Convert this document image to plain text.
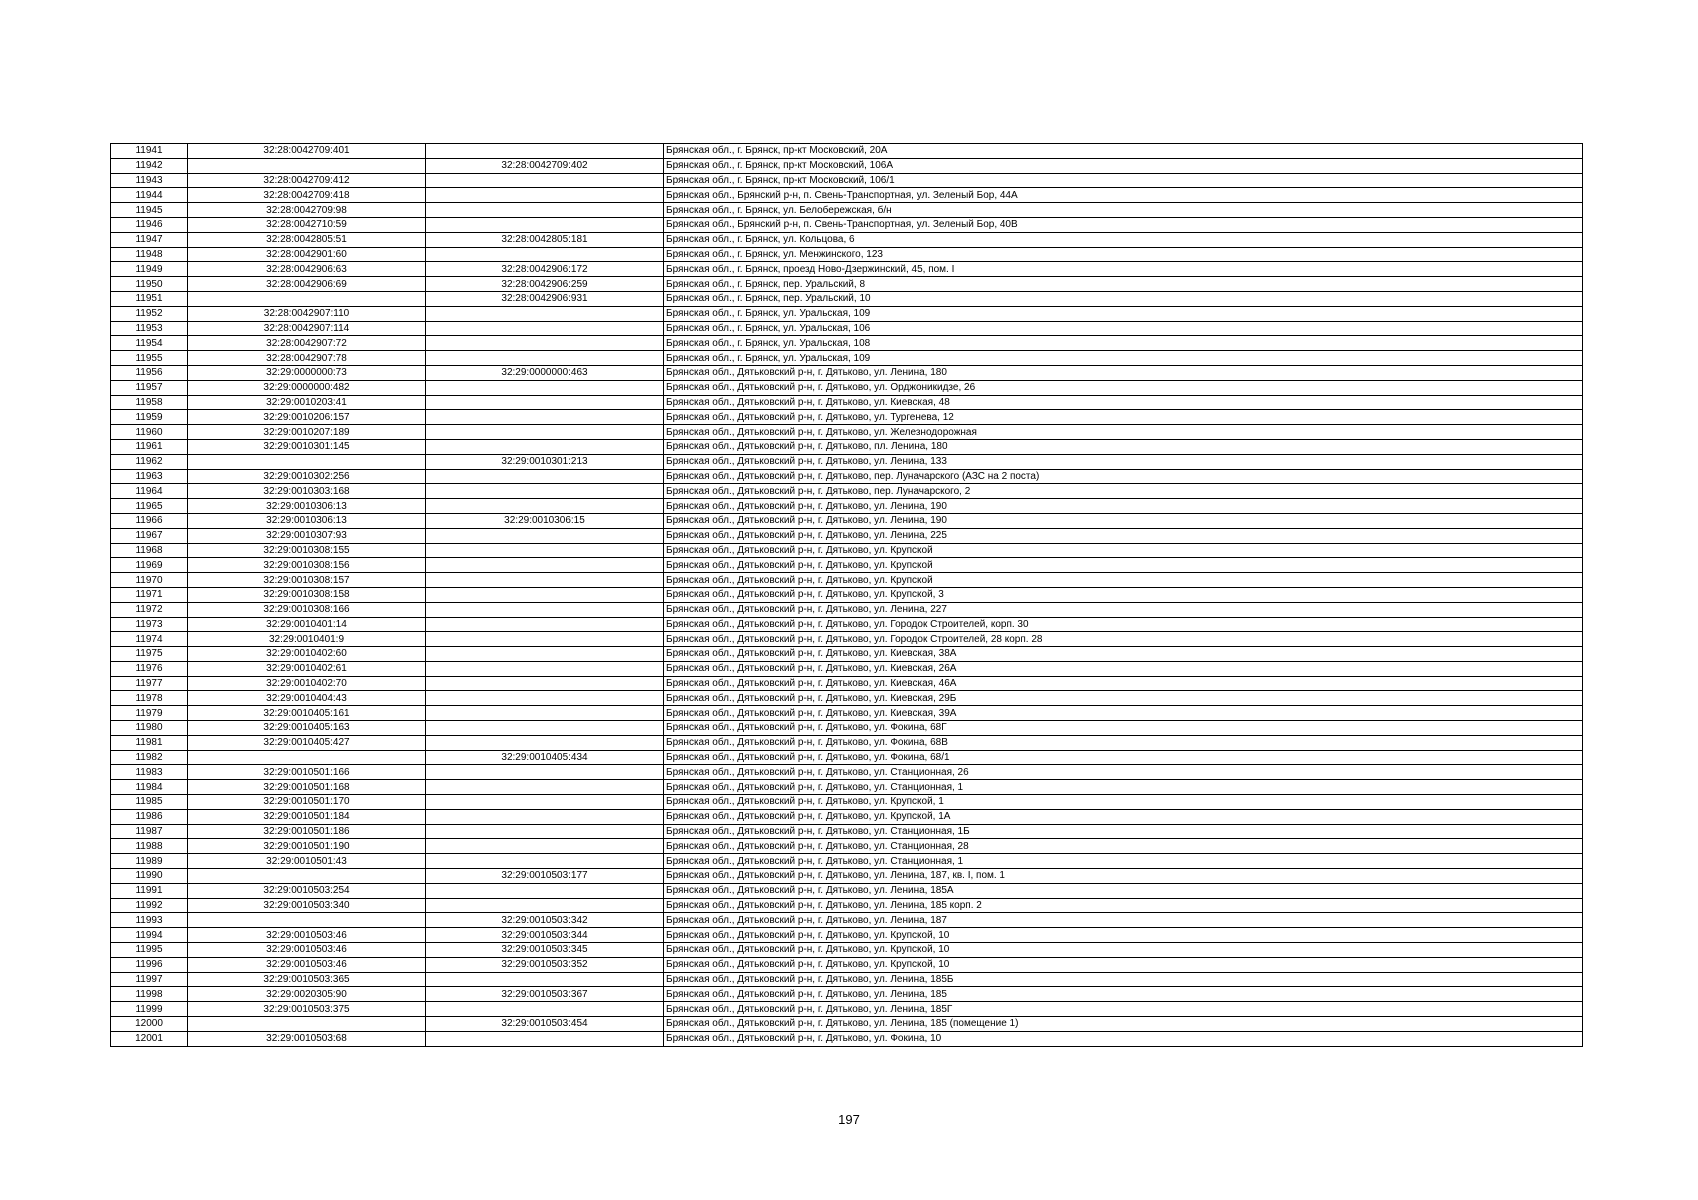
11941	32:28:0042709:401		Брянская обл., г. Брянск, пр-кт Московский, 20А
11942		32:28:0042709:402	Брянская обл., г. Брянск, пр-кт Московский, 106А
11943	32:28:0042709:412		Брянская обл., г. Брянск, пр-кт Московский, 106/1
11944	32:28:0042709:418		Брянская обл., Брянский р-н, п. Свень-Транспортная, ул. Зеленый Бор, 44А
11945	32:28:0042709:98		Брянская обл., г. Брянск, ул. Белобережская, б/н
11946	32:28:0042710:59		Брянская обл., Брянский р-н, п. Свень-Транспортная, ул. Зеленый Бор, 40В
11947	32:28:0042805:51	32:28:0042805:181	Брянская обл., г. Брянск, ул. Кольцова, 6
11948	32:28:0042901:60		Брянская обл., г. Брянск, ул. Менжинского, 123
11949	32:28:0042906:63	32:28:0042906:172	Брянская обл., г. Брянск, проезд Ново-Дзержинский, 45, пом. I
11950	32:28:0042906:69	32:28:0042906:259	Брянская обл., г. Брянск, пер. Уральский, 8
11951		32:28:0042906:931	Брянская обл., г. Брянск, пер. Уральский, 10
11952	32:28:0042907:110		Брянская обл., г. Брянск, ул. Уральская, 109
11953	32:28:0042907:114		Брянская обл., г. Брянск, ул. Уральская, 106
11954	32:28:0042907:72		Брянская обл., г. Брянск, ул. Уральская, 108
11955	32:28:0042907:78		Брянская обл., г. Брянск, ул. Уральская, 109
11956	32:29:0000000:73	32:29:0000000:463	Брянская обл., Дятьковский р-н, г. Дятьково, ул. Ленина, 180
11957	32:29:0000000:482		Брянская обл., Дятьковский р-н, г. Дятьково, ул. Орджоникидзе, 26
11958	32:29:0010203:41		Брянская обл., Дятьковский р-н, г. Дятьково, ул. Киевская, 48
11959	32:29:0010206:157		Брянская обл., Дятьковский р-н, г. Дятьково, ул. Тургенева, 12
11960	32:29:0010207:189		Брянская обл., Дятьковский р-н, г. Дятьково, ул. Железнодорожная
11961	32:29:0010301:145		Брянская обл., Дятьковский р-н, г. Дятьково, пл. Ленина, 180
11962		32:29:0010301:213	Брянская обл., Дятьковский р-н, г. Дятьково, ул. Ленина, 133
11963	32:29:0010302:256		Брянская обл., Дятьковский р-н, г. Дятьково, пер. Луначарского (АЗС на 2 поста)
11964	32:29:0010303:168		Брянская обл., Дятьковский р-н, г. Дятьково, пер. Луначарского, 2
11965	32:29:0010306:13		Брянская обл., Дятьковский р-н, г. Дятьково, ул. Ленина, 190
11966	32:29:0010306:13	32:29:0010306:15	Брянская обл., Дятьковский р-н, г. Дятьково, ул. Ленина, 190
11967	32:29:0010307:93		Брянская обл., Дятьковский р-н, г. Дятьково, ул. Ленина, 225
11968	32:29:0010308:155		Брянская обл., Дятьковский р-н, г. Дятьково, ул. Крупской
11969	32:29:0010308:156		Брянская обл., Дятьковский р-н, г. Дятьково, ул. Крупской
11970	32:29:0010308:157		Брянская обл., Дятьковский р-н, г. Дятьково, ул. Крупской
11971	32:29:0010308:158		Брянская обл., Дятьковский р-н, г. Дятьково, ул. Крупской, 3
11972	32:29:0010308:166		Брянская обл., Дятьковский р-н, г. Дятьково, ул. Ленина, 227
11973	32:29:0010401:14		Брянская обл., Дятьковский р-н, г. Дятьково, ул. Городок Строителей, корп. 30
11974	32:29:0010401:9		Брянская обл., Дятьковский р-н, г. Дятьково, ул. Городок Строителей, 28 корп. 28
11975	32:29:0010402:60		Брянская обл., Дятьковский р-н, г. Дятьково, ул. Киевская, 38А
11976	32:29:0010402:61		Брянская обл., Дятьковский р-н, г. Дятьково, ул. Киевская, 26А
11977	32:29:0010402:70		Брянская обл., Дятьковский р-н, г. Дятьково, ул. Киевская, 46А
11978	32:29:0010404:43		Брянская обл., Дятьковский р-н, г. Дятьково, ул. Киевская, 29Б
11979	32:29:0010405:161		Брянская обл., Дятьковский р-н, г. Дятьково, ул. Киевская, 39А
11980	32:29:0010405:163		Брянская обл., Дятьковский р-н, г. Дятьково, ул. Фокина, 68Г
11981	32:29:0010405:427		Брянская обл., Дятьковский р-н, г. Дятьково, ул. Фокина, 68В
11982		32:29:0010405:434	Брянская обл., Дятьковский р-н, г. Дятьково, ул. Фокина, 68/1
11983	32:29:0010501:166		Брянская обл., Дятьковский р-н, г. Дятьково, ул. Станционная, 26
11984	32:29:0010501:168		Брянская обл., Дятьковский р-н, г. Дятьково, ул. Станционная, 1
11985	32:29:0010501:170		Брянская обл., Дятьковский р-н, г. Дятьково, ул. Крупской, 1
11986	32:29:0010501:184		Брянская обл., Дятьковский р-н, г. Дятьково, ул. Крупской, 1А
11987	32:29:0010501:186		Брянская обл., Дятьковский р-н, г. Дятьково, ул. Станционная, 1Б
11988	32:29:0010501:190		Брянская обл., Дятьковский р-н, г. Дятьково, ул. Станционная, 28
11989	32:29:0010501:43		Брянская обл., Дятьковский р-н, г. Дятьково, ул. Станционная, 1
11990		32:29:0010503:177	Брянская обл., Дятьковский р-н, г. Дятьково, ул. Ленина, 187, кв. I, пом. 1
11991	32:29:0010503:254		Брянская обл., Дятьковский р-н, г. Дятьково, ул. Ленина, 185А
11992	32:29:0010503:340		Брянская обл., Дятьковский р-н, г. Дятьково, ул. Ленина, 185 корп. 2
11993		32:29:0010503:342	Брянская обл., Дятьковский р-н, г. Дятьково, ул. Ленина, 187
11994	32:29:0010503:46	32:29:0010503:344	Брянская обл., Дятьковский р-н, г. Дятьково, ул. Крупской, 10
11995	32:29:0010503:46	32:29:0010503:345	Брянская обл., Дятьковский р-н, г. Дятьково, ул. Крупской, 10
11996	32:29:0010503:46	32:29:0010503:352	Брянская обл., Дятьковский р-н, г. Дятьково, ул. Крупской, 10
11997	32:29:0010503:365		Брянская обл., Дятьковский р-н, г. Дятьково, ул. Ленина, 185Б
11998	32:29:0020305:90	32:29:0010503:367	Брянская обл., Дятьковский р-н, г. Дятьково, ул. Ленина, 185
11999	32:29:0010503:375		Брянская обл., Дятьковский р-н, г. Дятьково, ул. Ленина, 185Г
12000		32:29:0010503:454	Брянская обл., Дятьковский р-н, г. Дятьково, ул. Ленина, 185 (помещение 1)
12001	32:29:0010503:68		Брянская обл., Дятьковский р-н, г. Дятьково, ул. Фокина, 10
197
